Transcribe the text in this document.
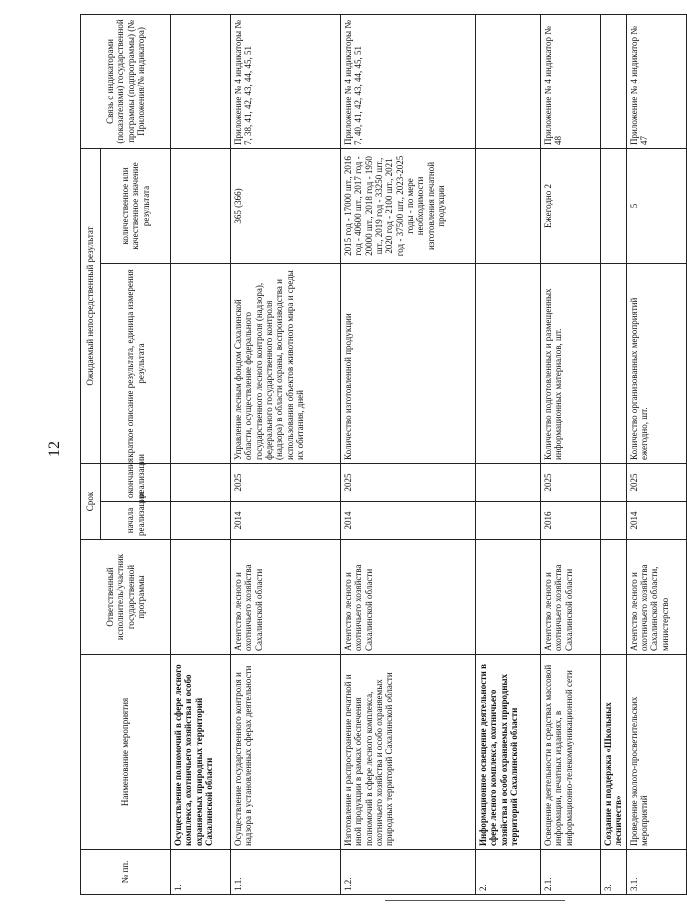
12
№ пп.	Наименование мероприятия	Ответственный исполнитель/участник государственной программы	Срок		Ожидаемый непосредственный результат		Связь с индикаторами (показателями) государственной программы (подпрограммы) (№ Приложения/№ индикатора)
			начала реализации	окончания реализации	краткое описание результата, единица измерения результата	количественное или качественное значение результата	
1.	Осуществление полномочий в сфере лесного комплекса, охотничьего хозяйства и особо охраняемых природных территорий Сахалинской области						
1.1.	Осуществление государственного контроля и надзора в установленных сферах деятельности	Агентство лесного и охотничьего хозяйства Сахалинской области	2014	2025	Управление лесным фондом Сахалинской области, осуществление федерального государственного лесного контроля (надзора), федерального государственного контроля (надзора) в области охраны, воспроизводства и использования объектов животного мира и среды их обитания, дней	365 (366)	Приложение № 4 индикаторы № 7, 38, 41, 42, 43, 44, 45, 51
1.2.	Изготовление и распространение печатной и иной продукции в рамках обеспечения полномочий в сфере лесного комплекса, охотничьего хозяйства и особо охраняемых природных территорий Сахалинской области	Агентство лесного и охотничьего хозяйства Сахалинской области	2014	2025	Количество изготовленной продукции	2015 год - 17000 шт., 2016 год - 40600 шт., 2017 год - 20000 шт., 2018 год - 1950 шт., 2019 год - 33250 шт., 2020 год - 2100 шт., 2021 год - 37500 шт., 2023-2025 годы - по мере необходимости изготовления печатной продукции	Приложение № 4 индикаторы № 7, 40, 41, 42, 43, 44, 45, 51
2.	Информационное освещение деятельности в сфере лесного комплекса, охотничьего хозяйства и особо охраняемых природных территорий Сахалинской области						
2.1.	Освещение деятельности в средствах массовой информации, печатных изданиях, в информационно-телекоммуникационной сети	Агентство лесного и охотничьего хозяйства Сахалинской области	2016	2025	Количество подготовленных и размещенных информационных материалов, шт.	Ежегодно 2	Приложение № 4 индикатор № 48
3.	Создание и поддержка «Школьных лесничеств»						
3.1.	Проведение эколого-просветительских мероприятий	Агентство лесного и охотничьего хозяйства Сахалинской области, министерство	2014	2025	Количество организованных мероприятий ежегодно, шт.	5	Приложение № 4 индикатор № 47
